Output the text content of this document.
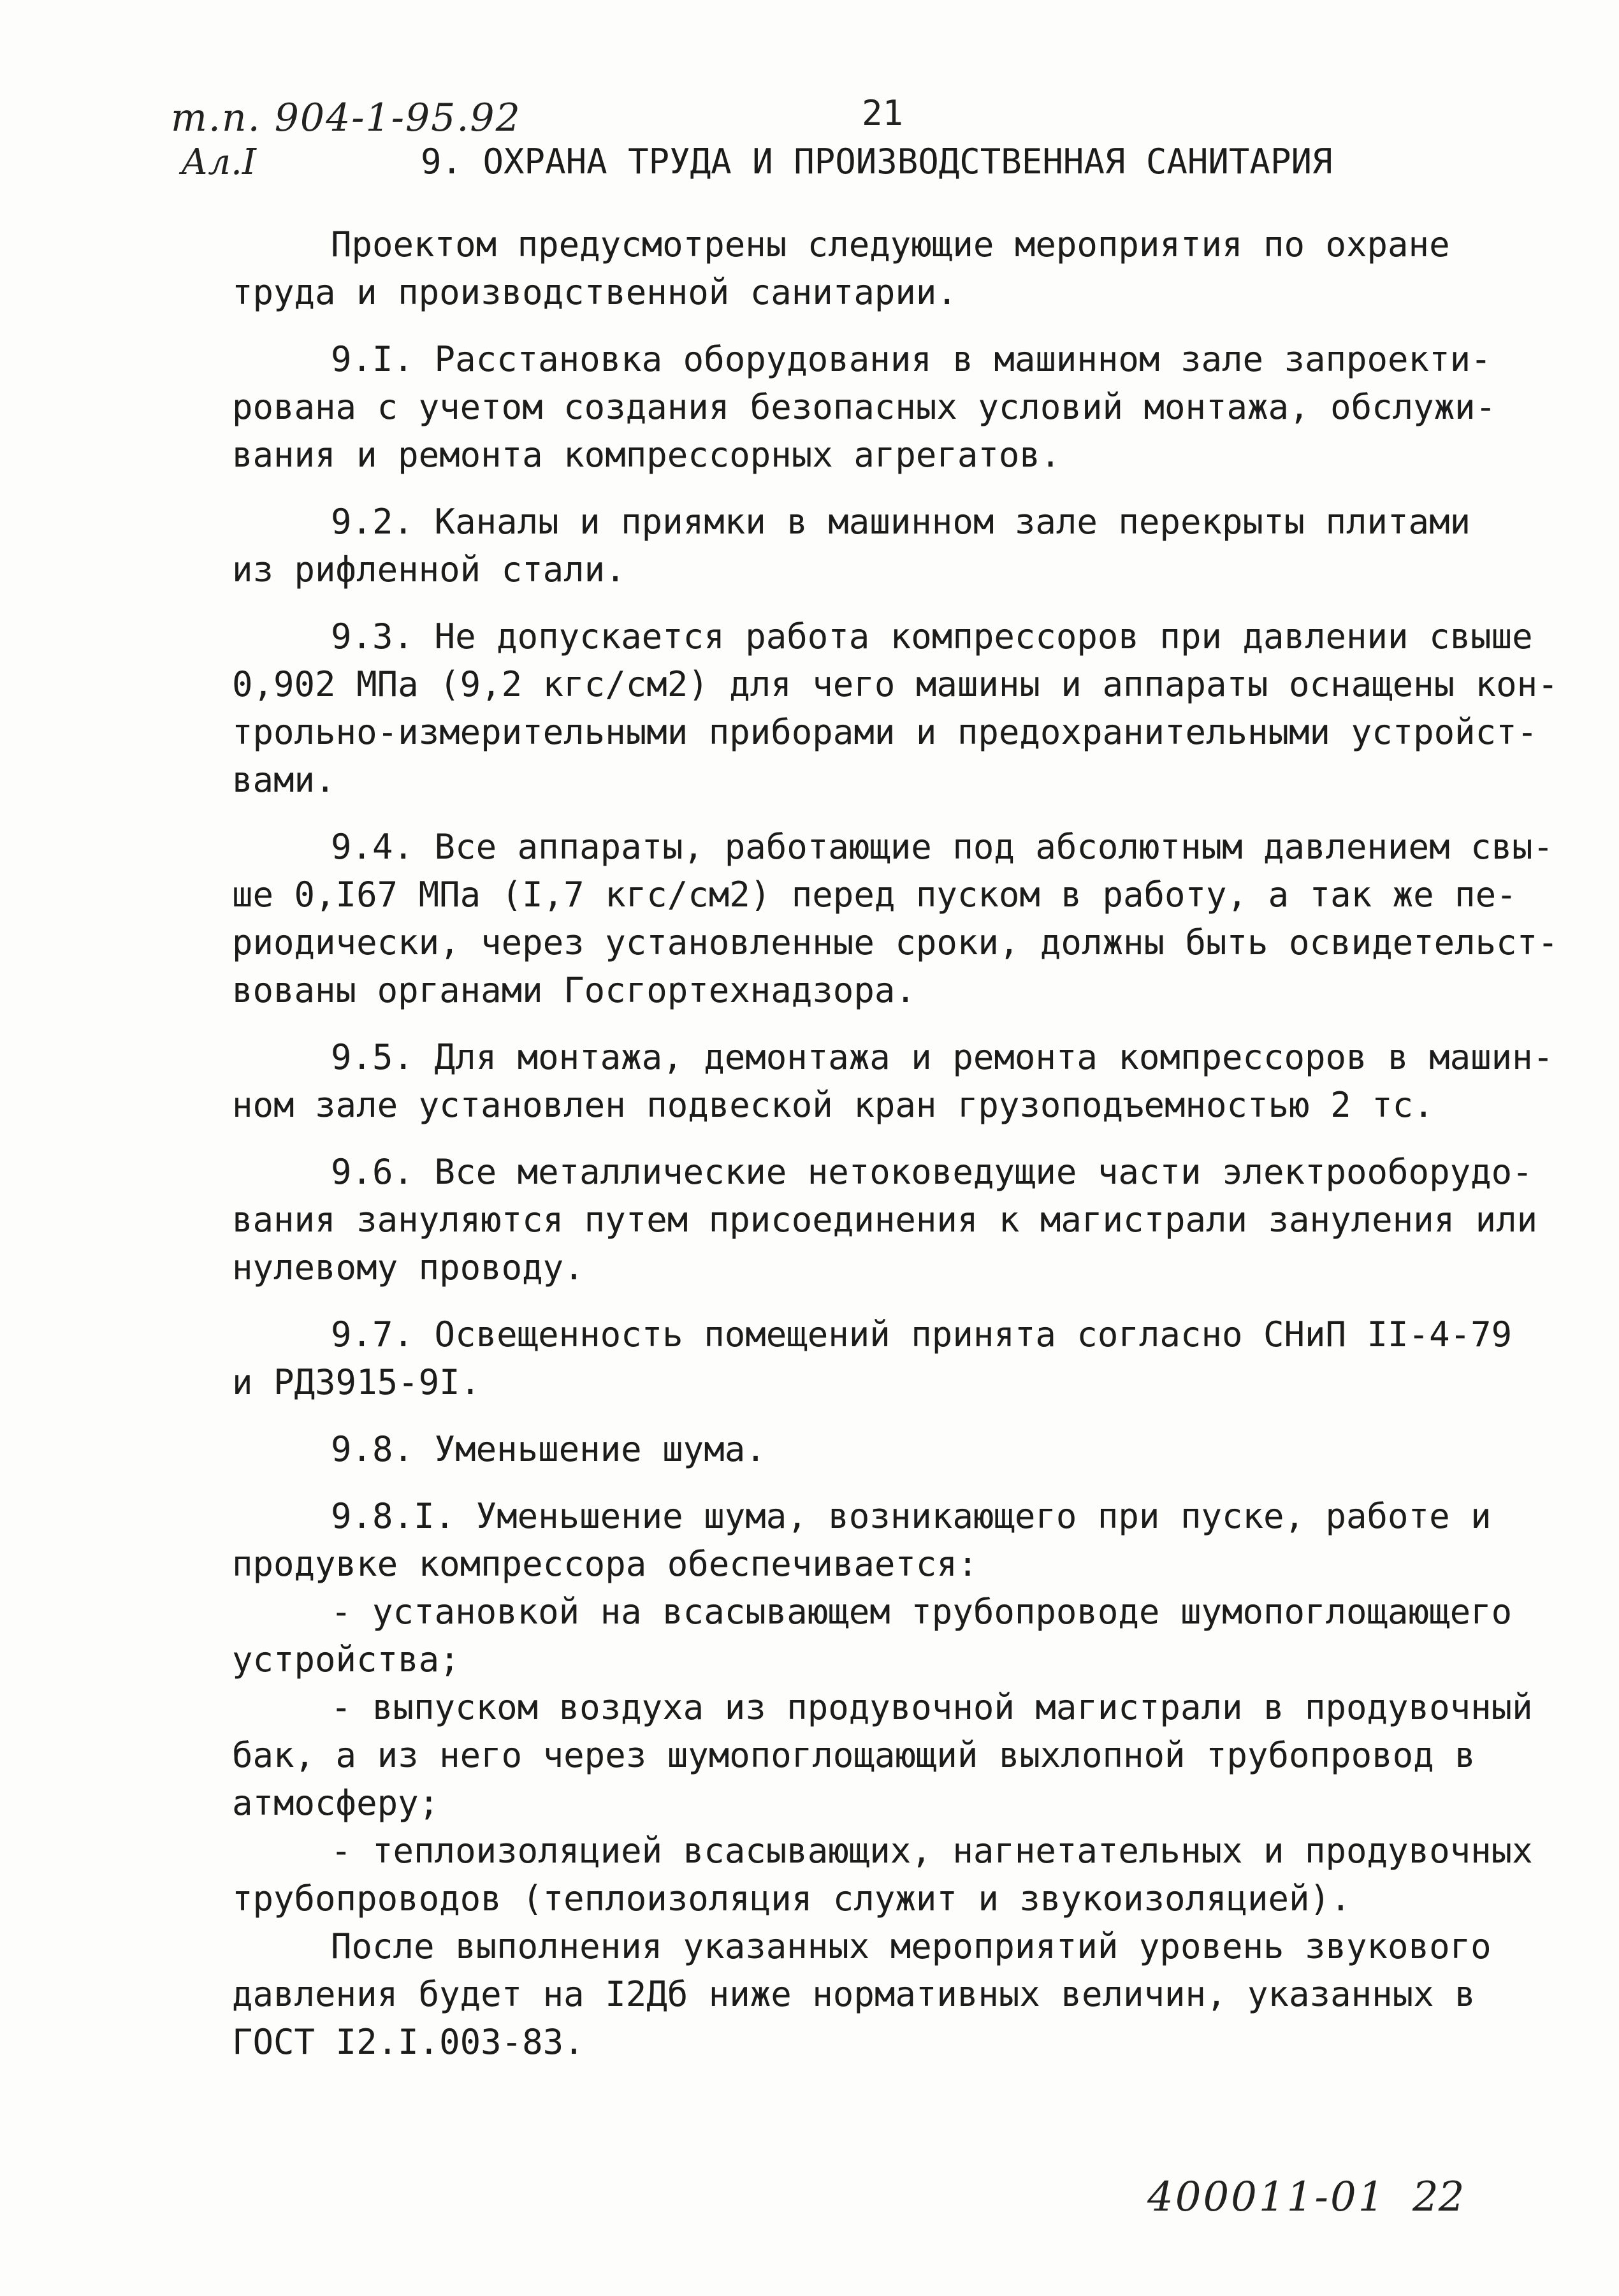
т.п. 904-1-95.92
Ал.I
21
9. ОХРАНА ТРУДА И ПРОИЗВОДСТВЕННАЯ САНИТАРИЯ
Проектом предусмотрены следующие мероприятия по охране
труда и производственной санитарии.
9.I. Расстановка оборудования в машинном зале запроекти-
рована с учетом создания безопасных условий монтажа, обслужи-
вания и ремонта компрессорных агрегатов.
9.2. Каналы и приямки в машинном зале перекрыты плитами
из рифленной стали.
9.3. Не допускается работа компрессоров при давлении свыше
0,902 МПа (9,2 кгс/см2) для чего машины и аппараты оснащены кон-
трольно-измерительными приборами и предохранительными устройст-
вами.
9.4. Все аппараты, работающие под абсолютным давлением свы-
ше 0,I67 МПа (I,7 кгс/см2) перед пуском в работу, а так же пе-
риодически, через установленные сроки, должны быть освидетельст-
вованы органами Госгортехнадзора.
9.5. Для монтажа, демонтажа и ремонта компрессоров в машин-
ном зале установлен подвеской кран грузоподъемностью 2 тс.
9.6. Все металлические нетоковедущие части электрооборудо-
вания зануляются путем присоединения к магистрали зануления или
нулевому проводу.
9.7. Освещенность помещений принята согласно СНиП II-4-79
и РД3915-9I.
9.8. Уменьшение шума.
9.8.I. Уменьшение шума, возникающего при пуске, работе и
продувке компрессора обеспечивается:
- установкой на всасывающем трубопроводе шумопоглощающего
устройства;
- выпуском воздуха из продувочной магистрали в продувочный
бак, а из него через шумопоглощающий выхлопной трубопровод в
атмосферу;
- теплоизоляцией всасывающих, нагнетательных и продувочных
трубопроводов (теплоизоляция служит и звукоизоляцией).
После выполнения указанных мероприятий уровень звукового
давления будет на I2Дб ниже нормативных величин, указанных в
ГОСТ I2.I.003-83.
400011-01 22
